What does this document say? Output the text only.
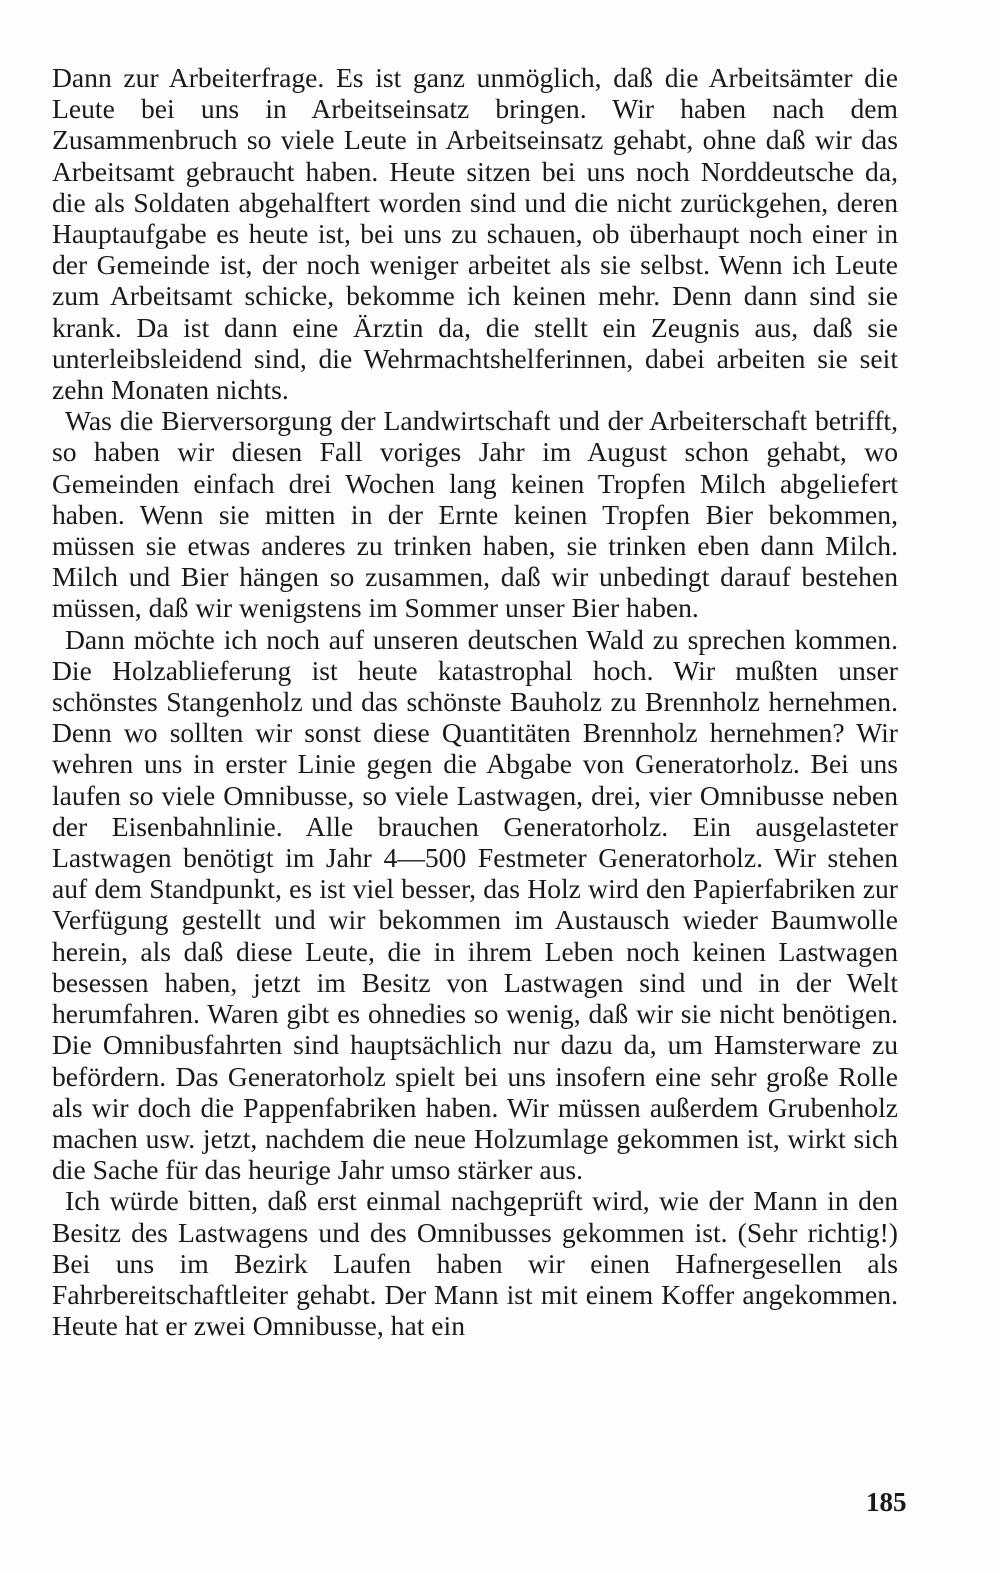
Dann zur Arbeiterfrage. Es ist ganz unmöglich, daß die Arbeitsämter die Leute bei uns in Arbeitseinsatz bringen. Wir haben nach dem Zusammenbruch so viele Leute in Arbeitseinsatz gehabt, ohne daß wir das Arbeitsamt gebraucht haben. Heute sitzen bei uns noch Norddeutsche da, die als Soldaten abgehalftert worden sind und die nicht zurückgehen, deren Hauptaufgabe es heute ist, bei uns zu schauen, ob überhaupt noch einer in der Gemeinde ist, der noch weniger arbeitet als sie selbst. Wenn ich Leute zum Arbeitsamt schicke, bekomme ich keinen mehr. Denn dann sind sie krank. Da ist dann eine Ärztin da, die stellt ein Zeugnis aus, daß sie unterleibsleidend sind, die Wehrmachtshelferinnen, dabei arbeiten sie seit zehn Monaten nichts.

Was die Bierversorgung der Landwirtschaft und der Arbeiterschaft betrifft, so haben wir diesen Fall voriges Jahr im August schon gehabt, wo Gemeinden einfach drei Wochen lang keinen Tropfen Milch abgeliefert haben. Wenn sie mitten in der Ernte keinen Tropfen Bier bekommen, müssen sie etwas anderes zu trinken haben, sie trinken eben dann Milch. Milch und Bier hängen so zusammen, daß wir unbedingt darauf bestehen müssen, daß wir wenigstens im Sommer unser Bier haben.

Dann möchte ich noch auf unseren deutschen Wald zu sprechen kommen. Die Holzablieferung ist heute katastrophal hoch. Wir mußten unser schönstes Stangenholz und das schönste Bauholz zu Brennholz hernehmen. Denn wo sollten wir sonst diese Quantitäten Brennholz hernehmen? Wir wehren uns in erster Linie gegen die Abgabe von Generatorholz. Bei uns laufen so viele Omnibusse, so viele Lastwagen, drei, vier Omnibusse neben der Eisenbahnlinie. Alle brauchen Generatorholz. Ein ausgelasteter Lastwagen benötigt im Jahr 4—500 Festmeter Generatorholz. Wir stehen auf dem Standpunkt, es ist viel besser, das Holz wird den Papierfabriken zur Verfügung gestellt und wir bekommen im Austausch wieder Baumwolle herein, als daß diese Leute, die in ihrem Leben noch keinen Lastwagen besessen haben, jetzt im Besitz von Lastwagen sind und in der Welt herumfahren. Waren gibt es ohnedies so wenig, daß wir sie nicht benötigen. Die Omnibusfahrten sind hauptsächlich nur dazu da, um Hamsterware zu befördern. Das Generatorholz spielt bei uns insofern eine sehr große Rolle als wir doch die Pappenfabriken haben. Wir müssen außerdem Grubenholz machen usw. jetzt, nachdem die neue Holzumlage gekommen ist, wirkt sich die Sache für das heurige Jahr umso stärker aus.

Ich würde bitten, daß erst einmal nachgeprüft wird, wie der Mann in den Besitz des Lastwagens und des Omnibusses gekommen ist. (Sehr richtig!) Bei uns im Bezirk Laufen haben wir einen Hafnergesellen als Fahrbereitschaftleiter gehabt. Der Mann ist mit einem Koffer angekommen. Heute hat er zwei Omnibusse, hat ein

185
